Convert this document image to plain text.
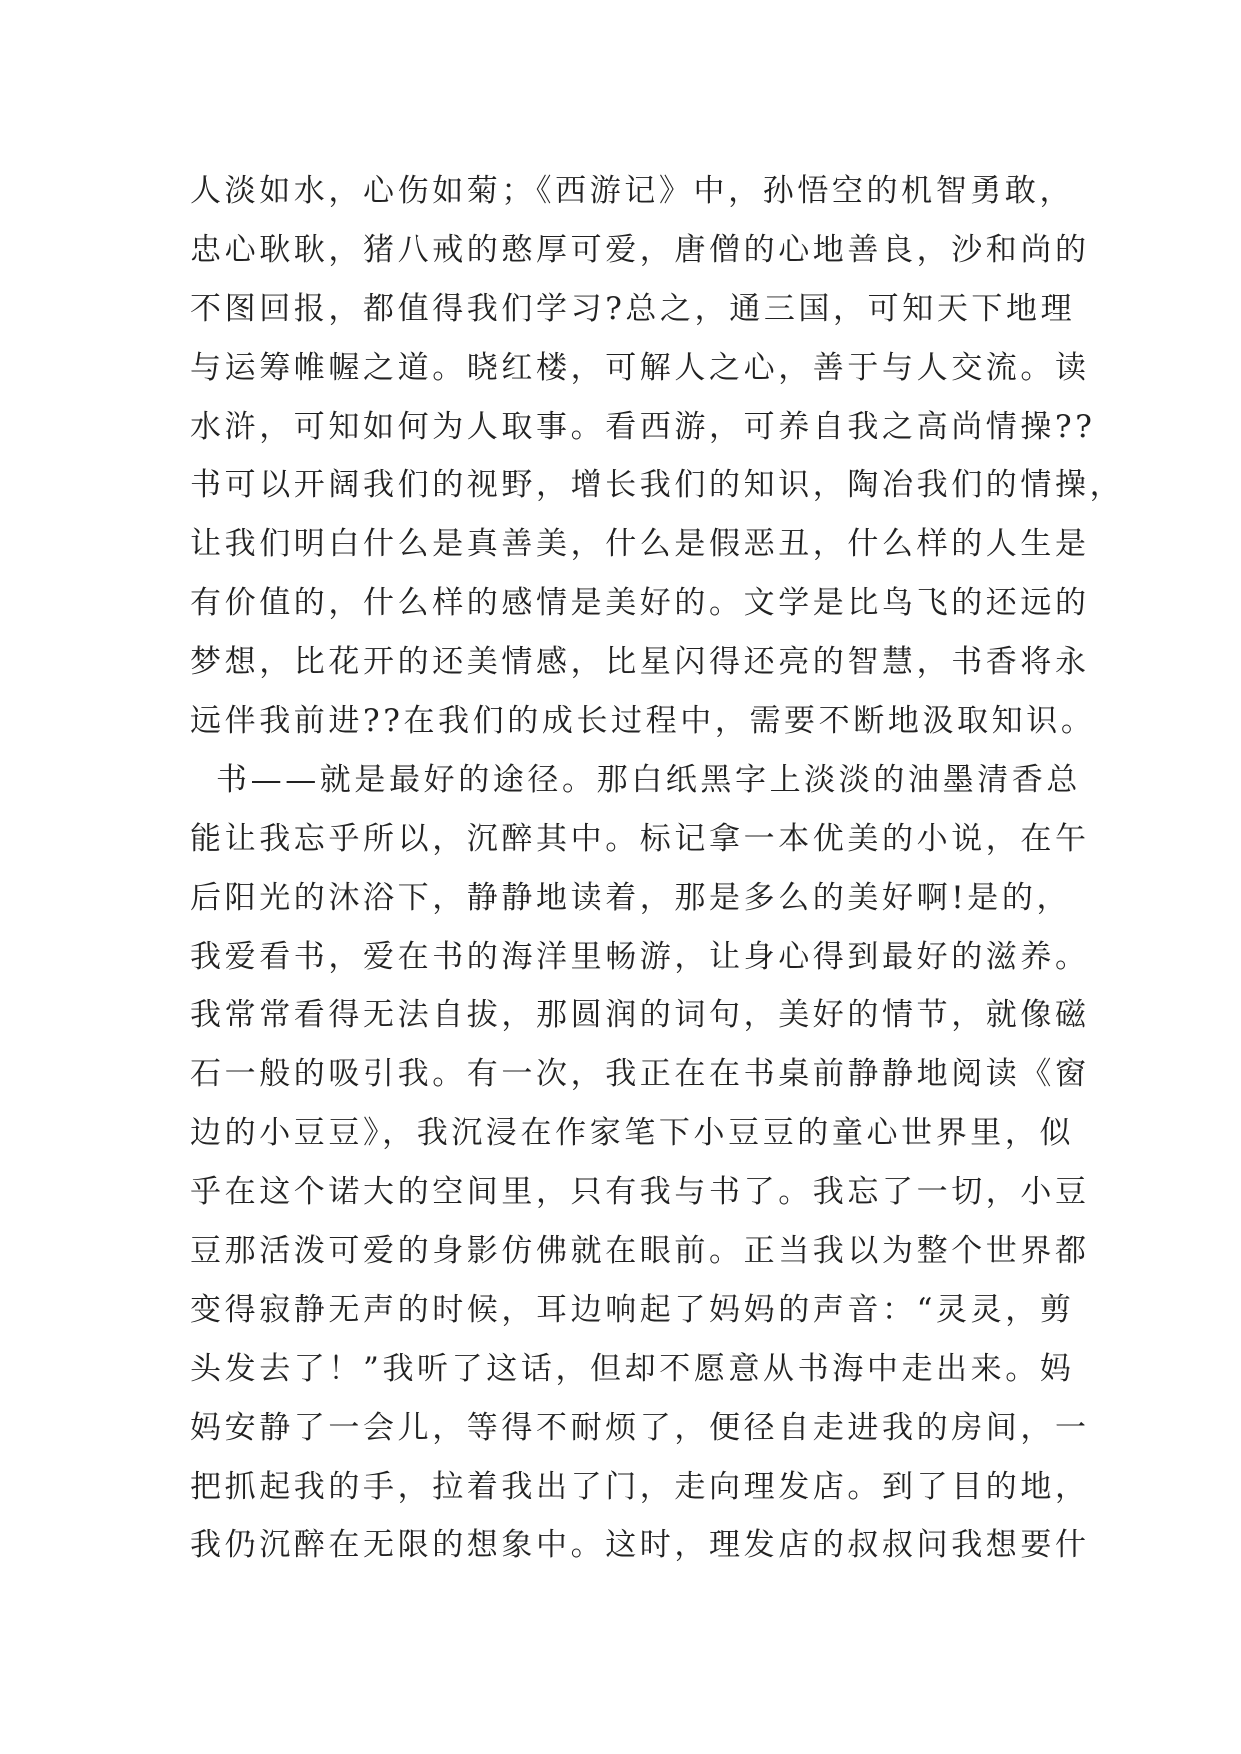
人淡如水，心伤如菊；《西游记》中，孙悟空的机智勇敢，
忠心耿耿，猪八戒的憨厚可爱，唐僧的心地善良，沙和尚的
不图回报，都值得我们学习?总之，通三国，可知天下地理
与运筹帷幄之道。晓红楼，可解人之心，善于与人交流。读
水浒，可知如何为人取事。看西游，可养自我之高尚情操??
书可以开阔我们的视野，增长我们的知识，陶冶我们的情操，
让我们明白什么是真善美，什么是假恶丑，什么样的人生是
有价值的，什么样的感情是美好的。文学是比鸟飞的还远的
梦想，比花开的还美情感，比星闪得还亮的智慧，书香将永
远伴我前进??在我们的成长过程中，需要不断地汲取知识。
书——就是最好的途径。那白纸黑字上淡淡的油墨清香总
能让我忘乎所以，沉醉其中。标记拿一本优美的小说，在午
后阳光的沐浴下，静静地读着，那是多么的美好啊!是的，
我爱看书，爱在书的海洋里畅游，让身心得到最好的滋养。
我常常看得无法自拔，那圆润的词句，美好的情节，就像磁
石一般的吸引我。有一次，我正在在书桌前静静地阅读《窗
边的小豆豆》，我沉浸在作家笔下小豆豆的童心世界里，似
乎在这个诺大的空间里，只有我与书了。我忘了一切，小豆
豆那活泼可爱的身影仿佛就在眼前。正当我以为整个世界都
变得寂静无声的时候，耳边响起了妈妈的声音：“灵灵，剪
头发去了！”我听了这话，但却不愿意从书海中走出来。妈
妈安静了一会儿，等得不耐烦了，便径自走进我的房间，一
把抓起我的手，拉着我出了门，走向理发店。到了目的地，
我仍沉醉在无限的想象中。这时，理发店的叔叔问我想要什
